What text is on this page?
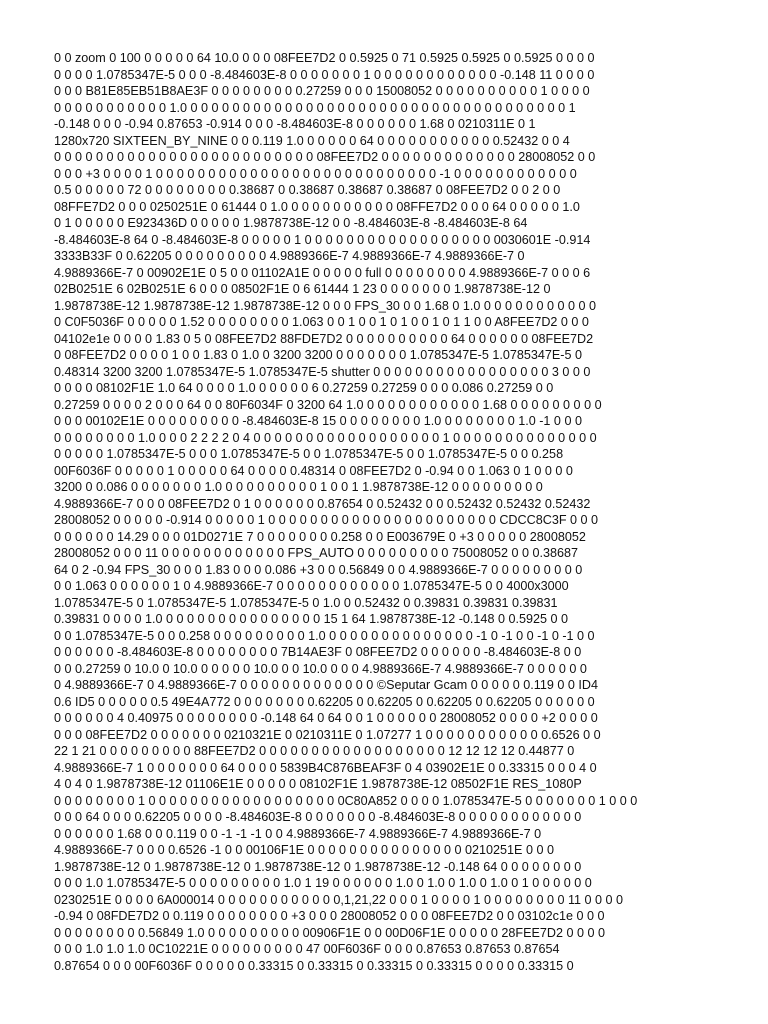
0 0 zoom 0 100 0 0 0 0 0 64 10.0 0 0 0 08FEE7D2 0 0.5925 0 71 0.5925 0.5925 0 0.5925 0 0 0 0
0 0 0 0 1.0785347E-5 0 0 0 -8.484603E-8 0 0 0 0 0 0 0 1 0 0 0 0 0 0 0 0 0 0 0 0 -0.148 11 0 0 0 0
0 0 0 B81E85EB51B8AE3F 0 0 0 0 0 0 0 0 0.27259 0 0 0 15008052 0 0 0 0 0 0 0 0 0 0 1 0 0 0 0
0 0 0 0 0 0 0 0 0 0 0 1.0 0 0 0 0 0 0 0 0 0 0 0 0 0 0 0 0 0 0 0 0 0 0 0 0 0 0 0 0 0 0 0 0 0 0 0 0 1
-0.148 0 0 0 -0.94 0.87653 -0.914 0 0 0 -8.484603E-8 0 0 0 0 0 0 1.68 0 0210311E 0 1
1280x720 SIXTEEN_BY_NINE 0 0 0.119 1.0 0 0 0 0 0 64 0 0 0 0 0 0 0 0 0 0 0 0.52432 0 0 4
0 0 0 0 0 0 0 0 0 0 0 0 0 0 0 0 0 0 0 0 0 0 0 0 0 08FEE7D2 0 0 0 0 0 0 0 0 0 0 0 0 0 28008052 0 0
0 0 0 +3 0 0 0 0 1 0 0 0 0 0 0 0 0 0 0 0 0 0 0 0 0 0 0 0 0 0 0 0 0 0 0 0 -1 0 0 0 0 0 0 0 0 0 0 0 0
0.5 0 0 0 0 0 72 0 0 0 0 0 0 0 0 0.38687 0 0.38687 0.38687 0.38687 0 08FEE7D2 0 0 2 0 0
08FFE7D2 0 0 0 0250251E 0 61444 0 1.0 0 0 0 0 0 0 0 0 0 0 08FFE7D2 0 0 0 64 0 0 0 0 0 1.0
0 1 0 0 0 0 0 E923436D 0 0 0 0 0 1.9878738E-12 0 0 -8.484603E-8 -8.484603E-8 64
-8.484603E-8 64 0 -8.484603E-8 0 0 0 0 0 1 0 0 0 0 0 0 0 0 0 0 0 0 0 0 0 0 0 0 0030601E -0.914
3333B33F 0 0.62205 0 0 0 0 0 0 0 0 0 4.9889366E-7 4.9889366E-7 4.9889366E-7 0
4.9889366E-7 0 00902E1E 0 5 0 0 01102A1E 0 0 0 0 0 full 0 0 0 0 0 0 0 0 4.9889366E-7 0 0 0 6
02B0251E 6 02B0251E 6 0 0 0 08502F1E 0 6 61444 1 23 0 0 0 0 0 0 0 1.9878738E-12 0
1.9878738E-12 1.9878738E-12 1.9878738E-12 0 0 0 FPS_30 0 0 1.68 0 1.0 0 0 0 0 0 0 0 0 0 0 0
0 C0F5036F 0 0 0 0 0 1.52 0 0 0 0 0 0 0 0 1.063 0 0 1 0 0 1 0 1 0 0 1 0 1 1 0 0 A8FEE7D2 0 0 0
04102e1e 0 0 0 0 1.83 0 5 0 08FEE7D2 88FDE7D2 0 0 0 0 0 0 0 0 0 0 64 0 0 0 0 0 0 08FEE7D2
0 08FEE7D2 0 0 0 0 1 0 0 1.83 0 1.0 0 3200 3200 0 0 0 0 0 0 0 1.0785347E-5 1.0785347E-5 0
0.48314 3200 3200 1.0785347E-5 1.0785347E-5 shutter 0 0 0 0 0 0 0 0 0 0 0 0 0 0 0 0 0 3 0 0 0
0 0 0 0 08102F1E 1.0 64 0 0 0 0 1.0 0 0 0 0 0 6 0.27259 0.27259 0 0 0 0.086 0.27259 0 0
0.27259 0 0 0 0 2 0 0 0 64 0 0 80F6034F 0 3200 64 1.0 0 0 0 0 0 0 0 0 0 0 0 1.68 0 0 0 0 0 0 0 0 0
0 0 0 00102E1E 0 0 0 0 0 0 0 0 0 -8.484603E-8 15 0 0 0 0 0 0 0 0 1.0 0 0 0 0 0 0 0 1.0 -1 0 0 0
0 0 0 0 0 0 0 0 1.0 0 0 0 2 2 2 2 0 4 0 0 0 0 0 0 0 0 0 0 0 0 0 0 0 0 0 0 1 0 0 0 0 0 0 0 0 0 0 0 0 0 0
0 0 0 0 0 1.0785347E-5 0 0 0 1.0785347E-5 0 0 1.0785347E-5 0 0 1.0785347E-5 0 0 0.258
00F6036F 0 0 0 0 0 1 0 0 0 0 0 64 0 0 0 0 0.48314 0 08FEE7D2 0 -0.94 0 0 1.063 0 1 0 0 0 0
3200 0 0.086 0 0 0 0 0 0 0 1.0 0 0 0 0 0 0 0 0 0 1 0 0 1 1.9878738E-12 0 0 0 0 0 0 0 0 0
4.9889366E-7 0 0 0 08FEE7D2 0 1 0 0 0 0 0 0 0.87654 0 0.52432 0 0 0.52432 0.52432 0.52432
28008052 0 0 0 0 0 -0.914 0 0 0 0 0 1 0 0 0 0 0 0 0 0 0 0 0 0 0 0 0 0 0 0 0 0 0 0 CDCC8C3F 0 0 0
0 0 0 0 0 0 14.29 0 0 0 01D0271E 7 0 0 0 0 0 0 0 0.258 0 0 E003679E 0 +3 0 0 0 0 0 28008052
28008052 0 0 0 11 0 0 0 0 0 0 0 0 0 0 0 0 FPS_AUTO 0 0 0 0 0 0 0 0 0 75008052 0 0 0.38687
64 0 2 -0.94 FPS_30 0 0 0 1.83 0 0 0 0.086 +3 0 0 0.56849 0 0 4.9889366E-7 0 0 0 0 0 0 0 0 0
0 0 1.063 0 0 0 0 0 0 1 0 4.9889366E-7 0 0 0 0 0 0 0 0 0 0 0 0 1.0785347E-5 0 0 4000x3000
1.0785347E-5 0 1.0785347E-5 1.0785347E-5 0 1.0 0 0.52432 0 0.39831 0.39831 0.39831
0.39831 0 0 0 0 1.0 0 0 0 0 0 0 0 0 0 0 0 0 0 0 0 15 1 64 1.9878738E-12 -0.148 0 0.5925 0 0
0 0 1.0785347E-5 0 0 0.258 0 0 0 0 0 0 0 0 0 1.0 0 0 0 0 0 0 0 0 0 0 0 0 0 0 -1 0 -1 0 0 -1 0 -1 0 0
0 0 0 0 0 0 -8.484603E-8 0 0 0 0 0 0 0 0 7B14AE3F 0 08FEE7D2 0 0 0 0 0 0 -8.484603E-8 0 0
0 0 0.27259 0 10.0 0 10.0 0 0 0 0 0 10.0 0 0 10.0 0 0 0 4.9889366E-7 4.9889366E-7 0 0 0 0 0 0
0 4.9889366E-7 0 4.9889366E-7 0 0 0 0 0 0 0 0 0 0 0 0 0 ©Seputar Gcam 0 0 0 0 0 0.119 0 0 ID4
0.6 ID5 0 0 0 0 0 0.5 49E4A772 0 0 0 0 0 0 0 0.62205 0 0.62205 0 0.62205 0 0.62205 0 0 0 0 0 0
0 0 0 0 0 0 4 0.40975 0 0 0 0 0 0 0 0 -0.148 64 0 64 0 0 1 0 0 0 0 0 0 28008052 0 0 0 0 +2 0 0 0 0
0 0 0 08FEE7D2 0 0 0 0 0 0 0 0210321E 0 0210311E 0 1.07277 1 0 0 0 0 0 0 0 0 0 0 0 0.6526 0 0
22 1 21 0 0 0 0 0 0 0 0 0 88FEE7D2 0 0 0 0 0 0 0 0 0 0 0 0 0 0 0 0 0 0 12 12 12 12 0.44877 0
4.9889366E-7 1 0 0 0 0 0 0 0 64 0 0 0 0 5839B4C876BEAF3F 0 4 03902E1E 0 0.33315 0 0 0 4 0
4 0 4 0 1.9878738E-12 01106E1E 0 0 0 0 0 08102F1E 1.9878738E-12 08502F1E RES_1080P
0 0 0 0 0 0 0 0 1 0 0 0 0 0 0 0 0 0 0 0 0 0 0 0 0 0 0 0C80A852 0 0 0 0 1.0785347E-5 0 0 0 0 0 0 0 1 0 0 0
0 0 0 64 0 0 0 0.62205 0 0 0 0 -8.484603E-8 0 0 0 0 0 0 0 -8.484603E-8 0 0 0 0 0 0 0 0 0 0 0 0
0 0 0 0 0 0 1.68 0 0 0.119 0 0 -1 -1 -1 0 0 4.9889366E-7 4.9889366E-7 4.9889366E-7 0
4.9889366E-7 0 0 0 0.6526 -1 0 0 00106F1E 0 0 0 0 0 0 0 0 0 0 0 0 0 0 0 0210251E 0 0 0
1.9878738E-12 0 1.9878738E-12 0 1.9878738E-12 0 1.9878738E-12 -0.148 64 0 0 0 0 0 0 0 0
0 0 0 1.0 1.0785347E-5 0 0 0 0 0 0 0 0 0 1.0 1 19 0 0 0 0 0 0 1.0 0 1.0 0 1.0 0 1.0 0 1 0 0 0 0 0 0
0230251E 0 0 0 0 6A000014 0 0 0 0 0 0 0 0 0 0 0 0,1,21,22 0 0 0 1 0 0 0 0 1 0 0 0 0 0 0 0 0 11 0 0 0 0
-0.94 0 08FDE7D2 0 0.119 0 0 0 0 0 0 0 0 +3 0 0 0 28008052 0 0 0 08FEE7D2 0 0 03102c1e 0 0 0
0 0 0 0 0 0 0 0 0.56849 1.0 0 0 0 0 0 0 0 0 0 00906F1E 0 0 00D06F1E 0 0 0 0 0 28FEE7D2 0 0 0 0
0 0 0 1.0 1.0 1.0 0C10221E 0 0 0 0 0 0 0 0 0 47 00F6036F 0 0 0 0.87653 0.87653 0.87654
0.87654 0 0 0 00F6036F 0 0 0 0 0 0.33315 0 0.33315 0 0.33315 0 0.33315 0 0 0 0 0.33315 0
